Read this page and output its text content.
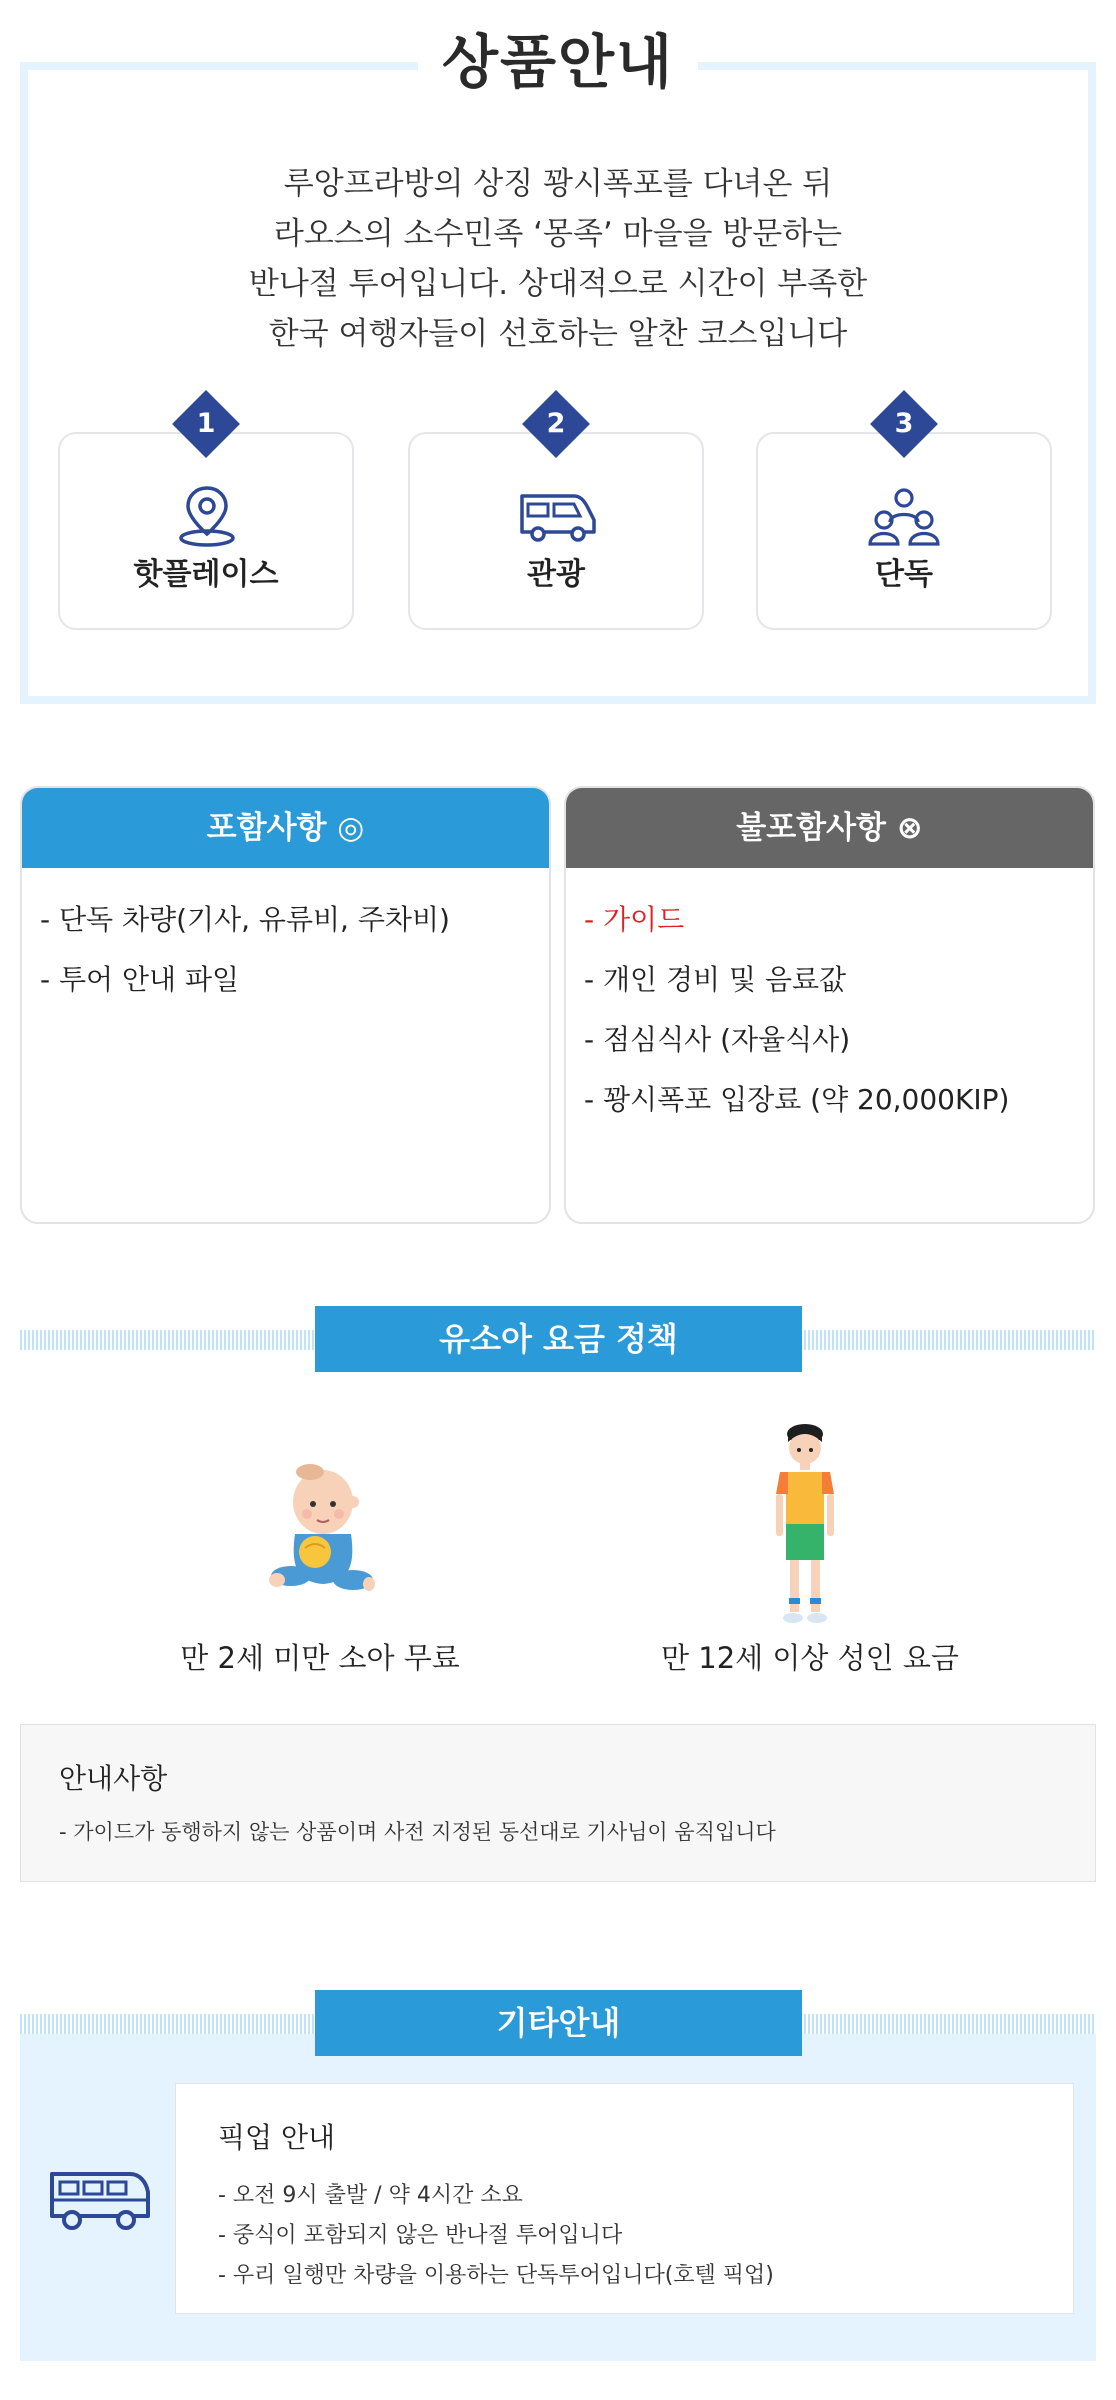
상품안내
루앙프라방의 상징 꽝시폭포를 다녀온 뒤
라오스의 소수민족 ‘몽족’ 마을을 방문하는
반나절 투어입니다. 상대적으로 시간이 부족한
한국 여행자들이 선호하는 알찬 코스입니다
1
핫플레이스
2
관광
3
단독
포함사항 ◎
- 단독 차량(기사, 유류비, 주차비)
- 투어 안내 파일
불포함사항 ⊗
- 가이드
- 개인 경비 및 음료값
- 점심식사 (자율식사)
- 꽝시폭포 입장료 (약 20,000KIP)
유소아 요금 정책
만 2세 미만 소아 무료	만 12세 이상 성인 요금
안내사항
- 가이드가 동행하지 않는 상품이며 사전 지정된 동선대로 기사님이 움직입니다
기타안내
픽업 안내
- 오전 9시 출발 / 약 4시간 소요
- 중식이 포함되지 않은 반나절 투어입니다
- 우리 일행만 차량을 이용하는 단독투어입니다(호텔 픽업)
